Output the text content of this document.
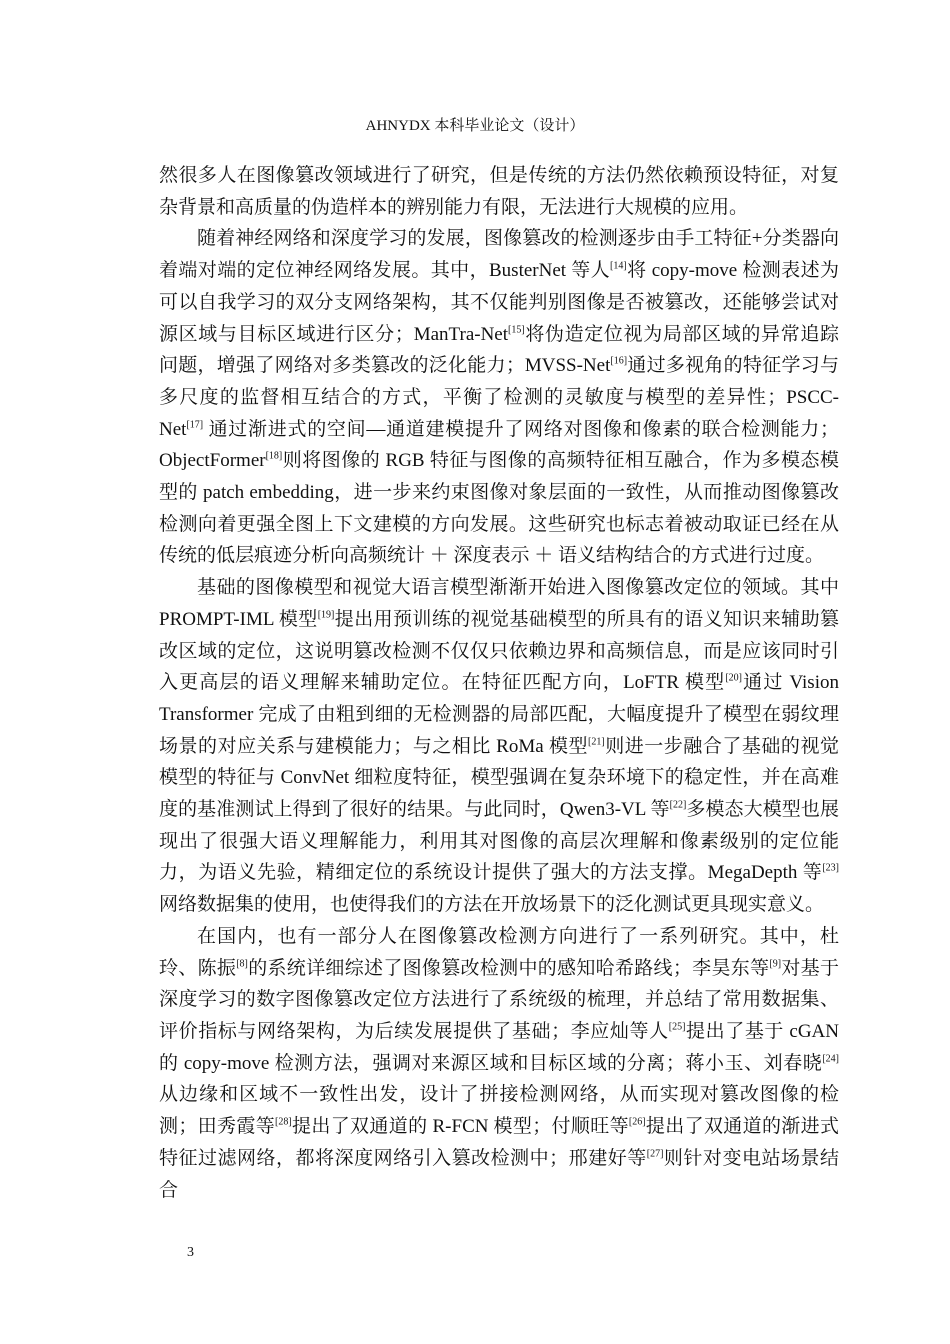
AHNYDX 本科毕业论文（设计）

然很多人在图像篡改领域进行了研究，但是传统的方法仍然依赖预设特征，对复杂背景和高质量的伪造样本的辨别能力有限，无法进行大规模的应用。

随着神经网络和深度学习的发展，图像篡改的检测逐步由手工特征+分类器向着端对端的定位神经网络发展。其中，BusterNet 等人[14]将 copy-move 检测表述为可以自我学习的双分支网络架构，其不仅能判别图像是否被篡改，还能够尝试对源区域与目标区域进行区分；ManTra-Net[15]将伪造定位视为局部区域的异常追踪问题，增强了网络对多类篡改的泛化能力；MVSS-Net[16]通过多视角的特征学习与多尺度的监督相互结合的方式，平衡了检测的灵敏度与模型的差异性；PSCC-Net[17] 通过渐进式的空间—通道建模提升了网络对图像和像素的联合检测能力；ObjectFormer[18]则将图像的 RGB 特征与图像的高频特征相互融合，作为多模态模型的 patch embedding，进一步来约束图像对象层面的一致性，从而推动图像篡改检测向着更强全图上下文建模的方向发展。这些研究也标志着被动取证已经在从传统的低层痕迹分析向高频统计 ＋ 深度表示 ＋ 语义结构结合的方式进行过度。

基础的图像模型和视觉大语言模型渐渐开始进入图像篡改定位的领域。其中 PROMPT-IML 模型[19]提出用预训练的视觉基础模型的所具有的语义知识来辅助篡改区域的定位，这说明篡改检测不仅仅只依赖边界和高频信息，而是应该同时引入更高层的语义理解来辅助定位。在特征匹配方向，LoFTR 模型[20]通过 Vision Transformer 完成了由粗到细的无检测器的局部匹配，大幅度提升了模型在弱纹理场景的对应关系与建模能力；与之相比 RoMa 模型[21]则进一步融合了基础的视觉模型的特征与 ConvNet 细粒度特征，模型强调在复杂环境下的稳定性，并在高难度的基准测试上得到了很好的结果。与此同时，Qwen3-VL 等[22]多模态大模型也展现出了很强大语义理解能力，利用其对图像的高层次理解和像素级别的定位能力，为语义先验，精细定位的系统设计提供了强大的方法支撑。MegaDepth 等[23]网络数据集的使用，也使得我们的方法在开放场景下的泛化测试更具现实意义。

在国内，也有一部分人在图像篡改检测方向进行了一系列研究。其中，杜玲、陈振[8]的系统详细综述了图像篡改检测中的感知哈希路线；李昊东等[9]对基于深度学习的数字图像篡改定位方法进行了系统级的梳理，并总结了常用数据集、评价指标与网络架构，为后续发展提供了基础；李应灿等人[25]提出了基于 cGAN 的 copy-move 检测方法，强调对来源区域和目标区域的分离；蒋小玉、刘春晓[24]从边缘和区域不一致性出发，设计了拼接检测网络，从而实现对篡改图像的检测；田秀霞等[28]提出了双通道的 R-FCN 模型；付顺旺等[26]提出了双通道的渐进式特征过滤网络，都将深度网络引入篡改检测中；邢建好等[27]则针对变电站场景结合

3
